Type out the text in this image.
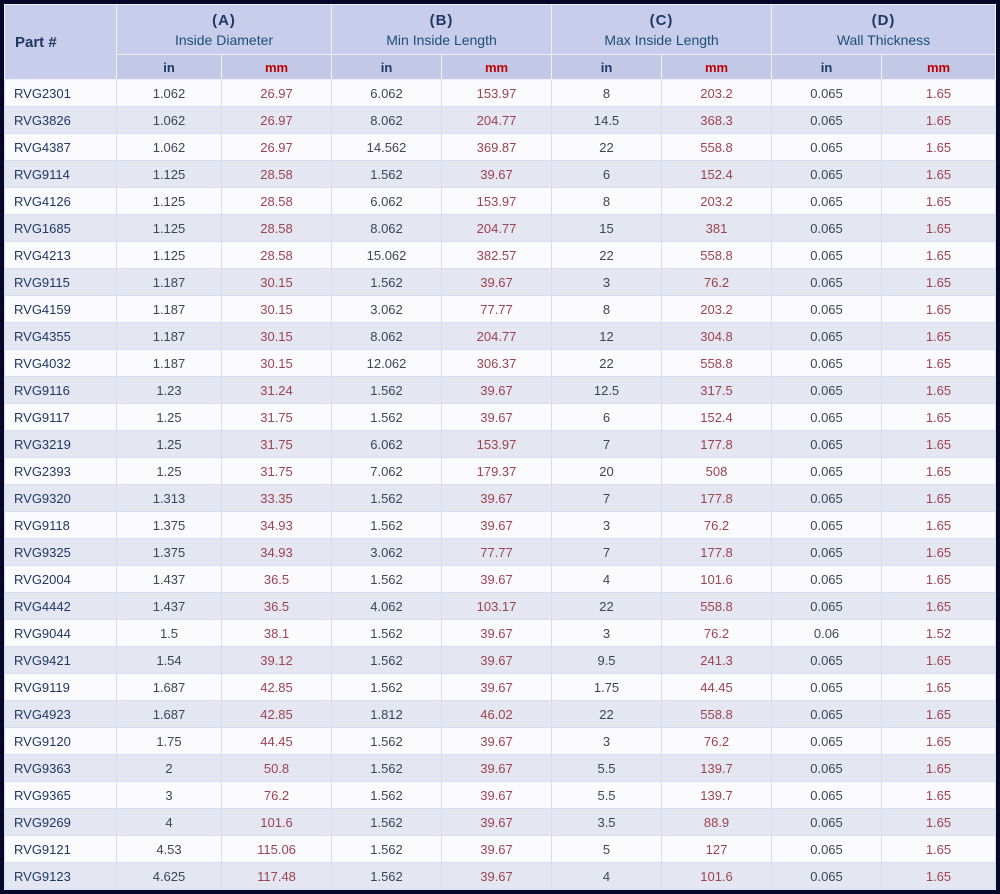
Part #	
(A)
Inside Diameter

(B)
Min Inside Length

(C)
Max Inside Length

(D)
Wall Thickness

	in	mm	in	mm	in	mm	in	mm
RVG2301	1.062	26.97	6.062	153.97	8	203.2	0.065	1.65
RVG3826	1.062	26.97	8.062	204.77	14.5	368.3	0.065	1.65
RVG4387	1.062	26.97	14.562	369.87	22	558.8	0.065	1.65
RVG9114	1.125	28.58	1.562	39.67	6	152.4	0.065	1.65
RVG4126	1.125	28.58	6.062	153.97	8	203.2	0.065	1.65
RVG1685	1.125	28.58	8.062	204.77	15	381	0.065	1.65
RVG4213	1.125	28.58	15.062	382.57	22	558.8	0.065	1.65
RVG9115	1.187	30.15	1.562	39.67	3	76.2	0.065	1.65
RVG4159	1.187	30.15	3.062	77.77	8	203.2	0.065	1.65
RVG4355	1.187	30.15	8.062	204.77	12	304.8	0.065	1.65
RVG4032	1.187	30.15	12.062	306.37	22	558.8	0.065	1.65
RVG9116	1.23	31.24	1.562	39.67	12.5	317.5	0.065	1.65
RVG9117	1.25	31.75	1.562	39.67	6	152.4	0.065	1.65
RVG3219	1.25	31.75	6.062	153.97	7	177.8	0.065	1.65
RVG2393	1.25	31.75	7.062	179.37	20	508	0.065	1.65
RVG9320	1.313	33.35	1.562	39.67	7	177.8	0.065	1.65
RVG9118	1.375	34.93	1.562	39.67	3	76.2	0.065	1.65
RVG9325	1.375	34.93	3.062	77.77	7	177.8	0.065	1.65
RVG2004	1.437	36.5	1.562	39.67	4	101.6	0.065	1.65
RVG4442	1.437	36.5	4.062	103.17	22	558.8	0.065	1.65
RVG9044	1.5	38.1	1.562	39.67	3	76.2	0.06	1.52
RVG9421	1.54	39.12	1.562	39.67	9.5	241.3	0.065	1.65
RVG9119	1.687	42.85	1.562	39.67	1.75	44.45	0.065	1.65
RVG4923	1.687	42.85	1.812	46.02	22	558.8	0.065	1.65
RVG9120	1.75	44.45	1.562	39.67	3	76.2	0.065	1.65
RVG9363	2	50.8	1.562	39.67	5.5	139.7	0.065	1.65
RVG9365	3	76.2	1.562	39.67	5.5	139.7	0.065	1.65
RVG9269	4	101.6	1.562	39.67	3.5	88.9	0.065	1.65
RVG9121	4.53	115.06	1.562	39.67	5	127	0.065	1.65
RVG9123	4.625	117.48	1.562	39.67	4	101.6	0.065	1.65
